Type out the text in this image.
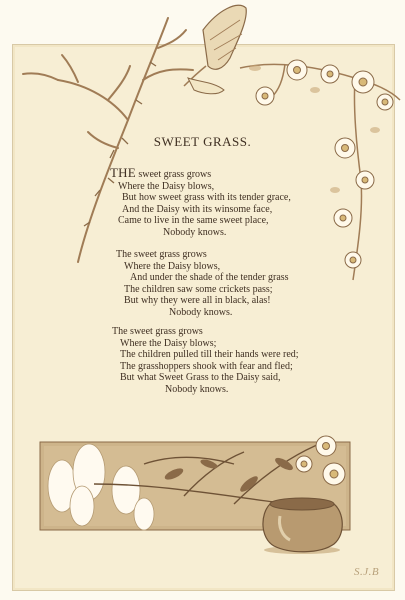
SWEET GRASS.
THE sweet grass grows
Where the Daisy blows,
But how sweet grass with its tender grace,
And the Daisy with its winsome face,
Came to live in the same sweet place,
Nobody knows.
The sweet grass grows
Where the Daisy blows,
And under the shade of the tender grass
The children saw some crickets pass;
But why they were all in black, alas!
Nobody knows.
The sweet grass grows
Where the Daisy blows;
The children pulled till their hands were red;
The grasshoppers shook with fear and fled;
But what Sweet Grass to the Daisy said,
Nobody knows.
S.J.B
